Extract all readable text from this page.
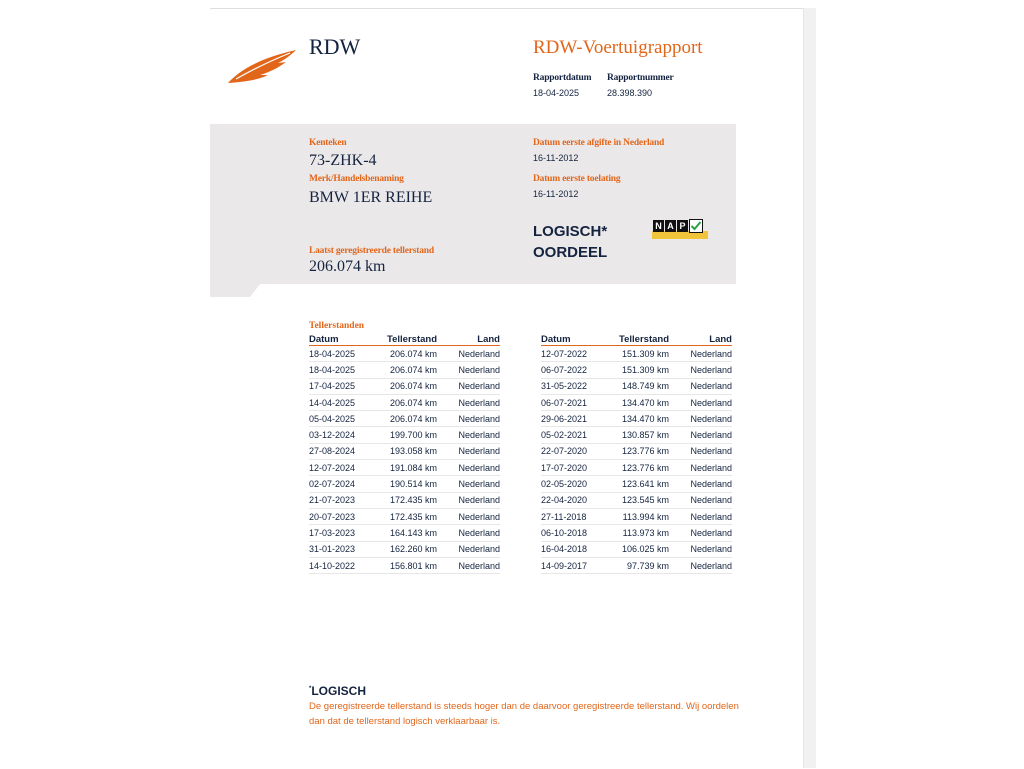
RDW	RDW-Voertuigrapport
Rapportdatum
18-04-2025
Rapportnummer
28.398.390
Kenteken
73-ZHK-4
Merk/Handelsbenaming
BMW 1ER REIHE
Laatst geregistreerde tellerstand
206.074 km
Datum eerste afgifte in Nederland
16-11-2012
Datum eerste toelating
16-11-2012
LOGISCH*
OORDEEL
N A P
Tellerstanden
Datum	Tellerstand	Land
18-04-2025	206.074 km	Nederland
18-04-2025	206.074 km	Nederland
17-04-2025	206.074 km	Nederland
14-04-2025	206.074 km	Nederland
05-04-2025	206.074 km	Nederland
03-12-2024	199.700 km	Nederland
27-08-2024	193.058 km	Nederland
12-07-2024	191.084 km	Nederland
02-07-2024	190.514 km	Nederland
21-07-2023	172.435 km	Nederland
20-07-2023	172.435 km	Nederland
17-03-2023	164.143 km	Nederland
31-01-2023	162.260 km	Nederland
14-10-2022	156.801 km	Nederland
Datum	Tellerstand	Land
12-07-2022	151.309 km	Nederland
06-07-2022	151.309 km	Nederland
31-05-2022	148.749 km	Nederland
06-07-2021	134.470 km	Nederland
29-06-2021	134.470 km	Nederland
05-02-2021	130.857 km	Nederland
22-07-2020	123.776 km	Nederland
17-07-2020	123.776 km	Nederland
02-05-2020	123.641 km	Nederland
22-04-2020	123.545 km	Nederland
27-11-2018	113.994 km	Nederland
06-10-2018	113.973 km	Nederland
16-04-2018	106.025 km	Nederland
14-09-2017	97.739 km	Nederland
*LOGISCH
De geregistreerde tellerstand is steeds hoger dan de daarvoor geregistreerde tellerstand. Wij oordelen dan dat de tellerstand logisch verklaarbaar is.
